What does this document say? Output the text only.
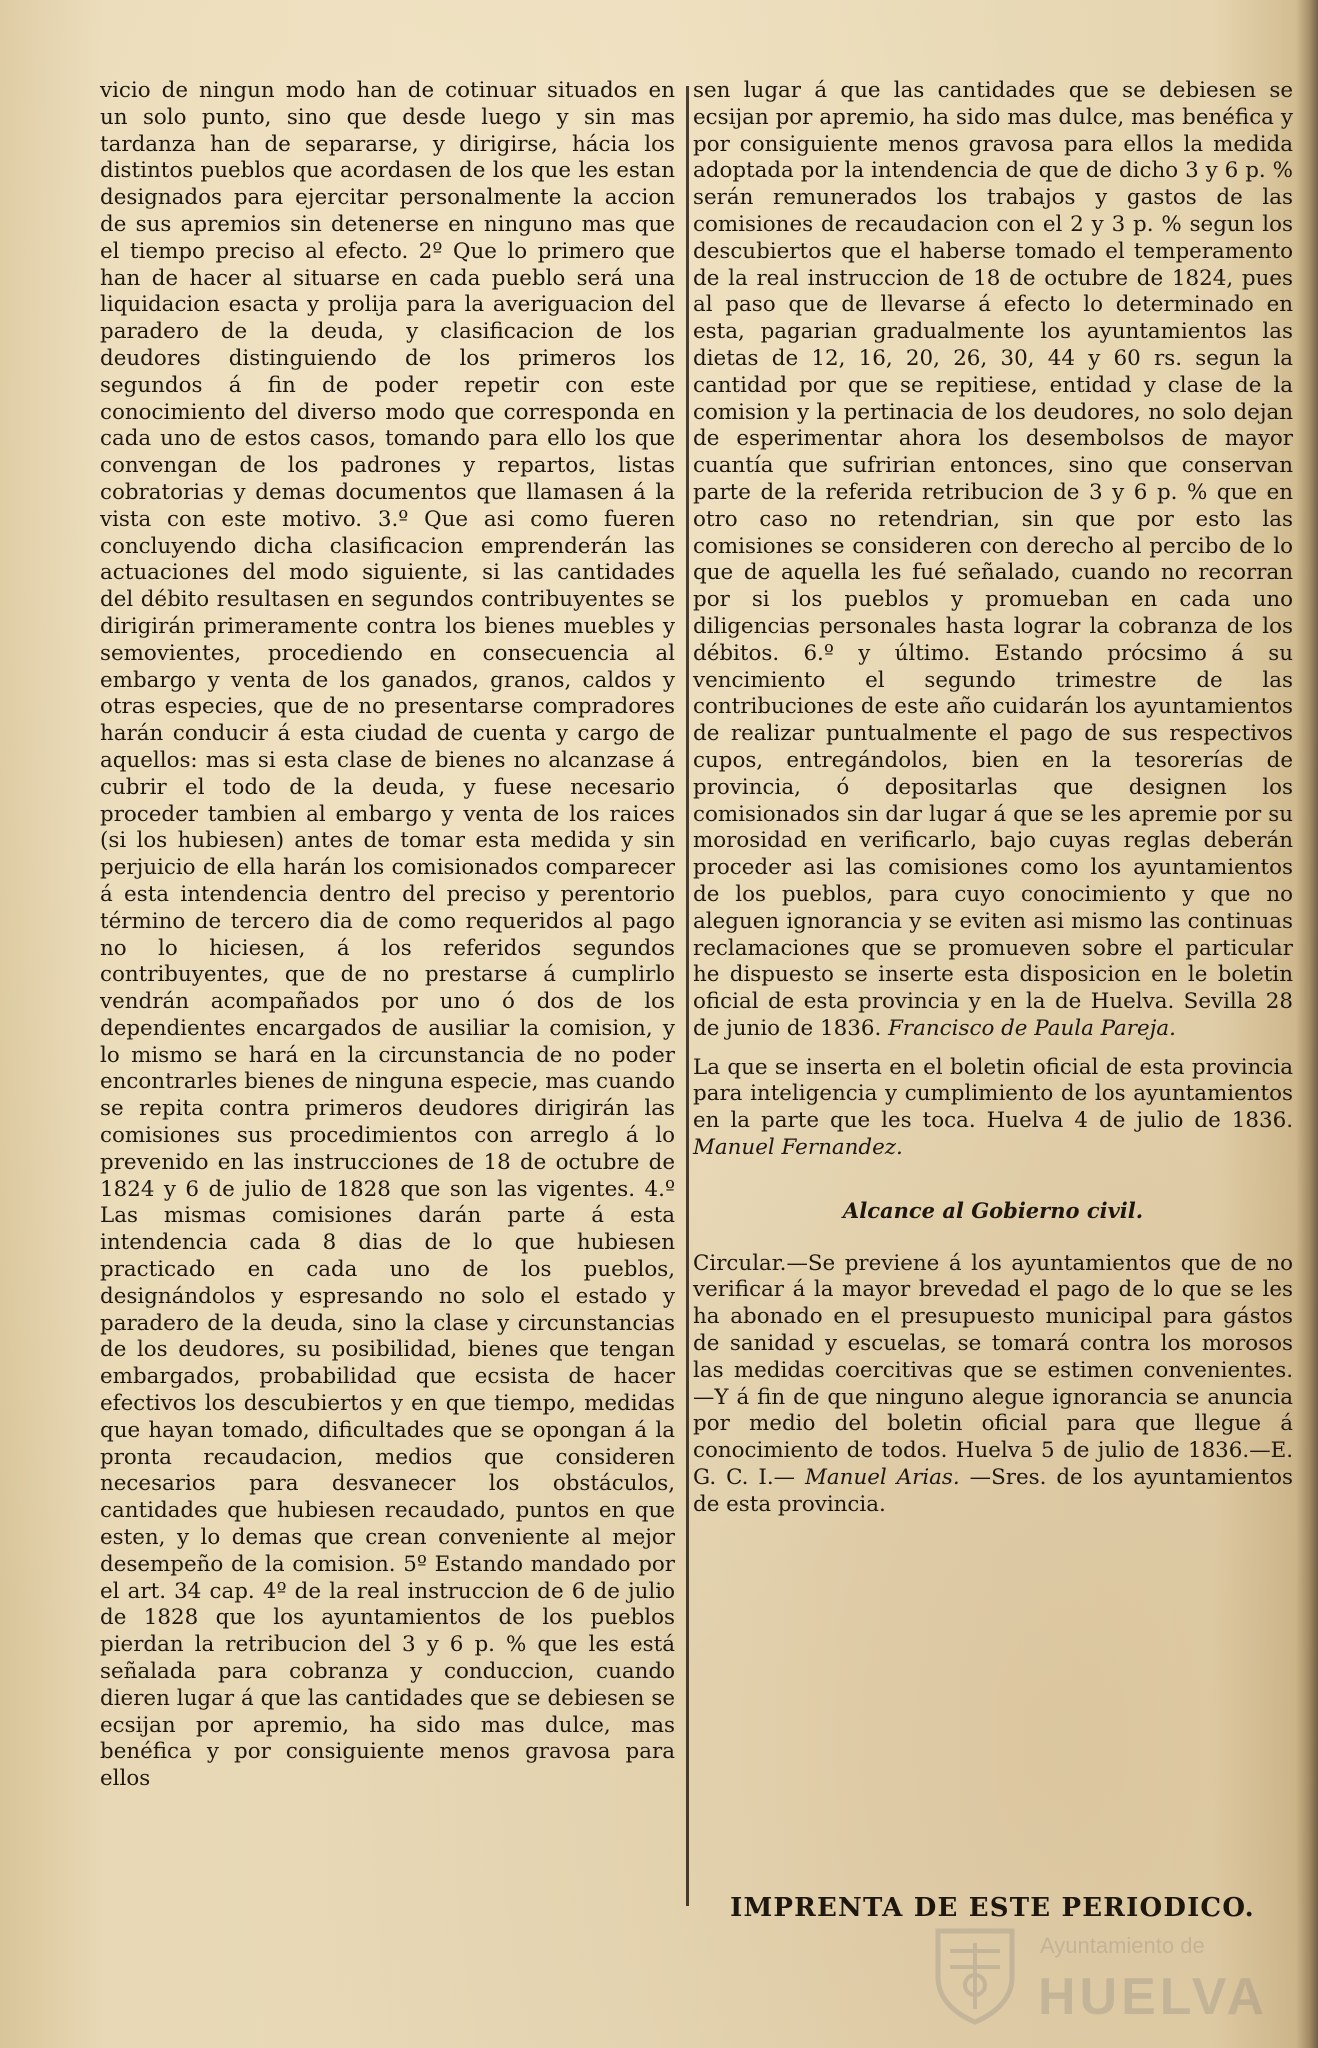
vicio de ningun modo han de cotinuar situados en un solo punto, sino que desde luego y sin mas tardanza han de separarse, y dirigirse, hácia los distintos pueblos que acordasen de los que les estan designados para ejercitar personalmente la accion de sus apremios sin detenerse en ninguno mas que el tiempo preciso al efecto. 2º Que lo primero que han de hacer al situarse en cada pueblo será una liquidacion esacta y prolija para la averiguacion del paradero de la deuda, y clasificacion de los deudores distinguiendo de los primeros los segundos á fin de poder repetir con este conocimiento del diverso modo que corresponda en cada uno de estos casos, tomando para ello los que convengan de los padrones y repartos, listas cobratorias y demas documentos que llamasen á la vista con este motivo. 3.º Que asi como fueren concluyendo dicha clasificacion emprenderán las actuaciones del modo siguiente, si las cantidades del débito resultasen en segundos contribuyentes se dirigirán primeramente contra los bienes muebles y semovientes, procediendo en consecuencia al embargo y venta de los ganados, granos, caldos y otras especies, que de no presentarse compradores harán conducir á esta ciudad de cuenta y cargo de aquellos: mas si esta clase de bienes no alcanzase á cubrir el todo de la deuda, y fuese necesario proceder tambien al embargo y venta de los raices (si los hubiesen) antes de tomar esta medida y sin perjuicio de ella harán los comisionados comparecer á esta intendencia dentro del preciso y perentorio término de tercero dia de como requeridos al pago no lo hiciesen, á los referidos segundos contribuyentes, que de no prestarse á cumplirlo vendrán acompañados por uno ó dos de los dependientes encargados de ausiliar la comision, y lo mismo se hará en la circunstancia de no poder encontrarles bienes de ninguna especie, mas cuando se repita contra primeros deudores dirigirán las comisiones sus procedimientos con arreglo á lo prevenido en las instrucciones de 18 de octubre de 1824 y 6 de julio de 1828 que son las vigentes. 4.º Las mismas comisiones darán parte á esta intendencia cada 8 dias de lo que hubiesen practicado en cada uno de los pueblos, designándolos y espresando no solo el estado y paradero de la deuda, sino la clase y circunstancias de los deudores, su posibilidad, bienes que tengan embargados, probabilidad que ecsista de hacer efectivos los descubiertos y en que tiempo, medidas que hayan tomado, dificultades que se opongan á la pronta recaudacion, medios que consideren necesarios para desvanecer los obstáculos, cantidades que hubiesen recaudado, puntos en que esten, y lo demas que crean conveniente al mejor desempeño de la comision. 5º Estando mandado por el art. 34 cap. 4º de la real instruccion de 6 de julio de 1828 que los ayuntamientos de los pueblos pierdan la retribucion del 3 y 6 p. % que les está señalada para cobranza y conduccion, cuando dieren lugar á que las cantidades que se debiesen se ecsijan por apremio, ha sido mas dulce, mas benéfica y por consiguiente menos gravosa para ellos

sen lugar á que las cantidades que se debiesen se ecsijan por apremio, ha sido mas dulce, mas benéfica y por consiguiente menos gravosa para ellos la medida adoptada por la intendencia de que de dicho 3 y 6 p. % serán remunerados los trabajos y gastos de las comisiones de recaudacion con el 2 y 3 p. % segun los descubiertos que el haberse tomado el temperamento de la real instruccion de 18 de octubre de 1824, pues al paso que de llevarse á efecto lo determinado en esta, pagarian gradualmente los ayuntamientos las dietas de 12, 16, 20, 26, 30, 44 y 60 rs. segun la cantidad por que se repitiese, entidad y clase de la comision y la pertinacia de los deudores, no solo dejan de esperimentar ahora los desembolsos de mayor cuantía que sufririan entonces, sino que conservan parte de la referida retribucion de 3 y 6 p. % que en otro caso no retendrian, sin que por esto las comisiones se consideren con derecho al percibo de lo que de aquella les fué señalado, cuando no recorran por si los pueblos y promueban en cada uno diligencias personales hasta lograr la cobranza de los débitos. 6.º y último. Estando prócsimo á su vencimiento el segundo trimestre de las contribuciones de este año cuidarán los ayuntamientos de realizar puntualmente el pago de sus respectivos cupos, entregándolos, bien en la tesorerías de provincia, ó depositarlas que designen los comisionados sin dar lugar á que se les apremie por su morosidad en verificarlo, bajo cuyas reglas deberán proceder asi las comisiones como los ayuntamientos de los pueblos, para cuyo conocimiento y que no aleguen ignorancia y se eviten asi mismo las continuas reclamaciones que se promueven sobre el particular he dispuesto se inserte esta disposicion en le boletin oficial de esta provincia y en la de Huelva. Sevilla 28 de junio de 1836. Francisco de Paula Pareja.

La que se inserta en el boletin oficial de esta provincia para inteligencia y cumplimiento de los ayuntamientos en la parte que les toca. Huelva 4 de julio de 1836. Manuel Fernandez.

Alcance al Gobierno civil.

Circular.—Se previene á los ayuntamientos que de no verificar á la mayor brevedad el pago de lo que se les ha abonado en el presupuesto municipal para gástos de sanidad y escuelas, se tomará contra los morosos las medidas coercitivas que se estimen convenientes.—Y á fin de que ninguno alegue ignorancia se anuncia por medio del boletin oficial para que llegue á conocimiento de todos. Huelva 5 de julio de 1836.—E. G. C. I.— Manuel Arias. —Sres. de los ayuntamientos de esta provincia.

IMPRENTA DE ESTE PERIODICO.
Ayuntamiento de
HUELVA
